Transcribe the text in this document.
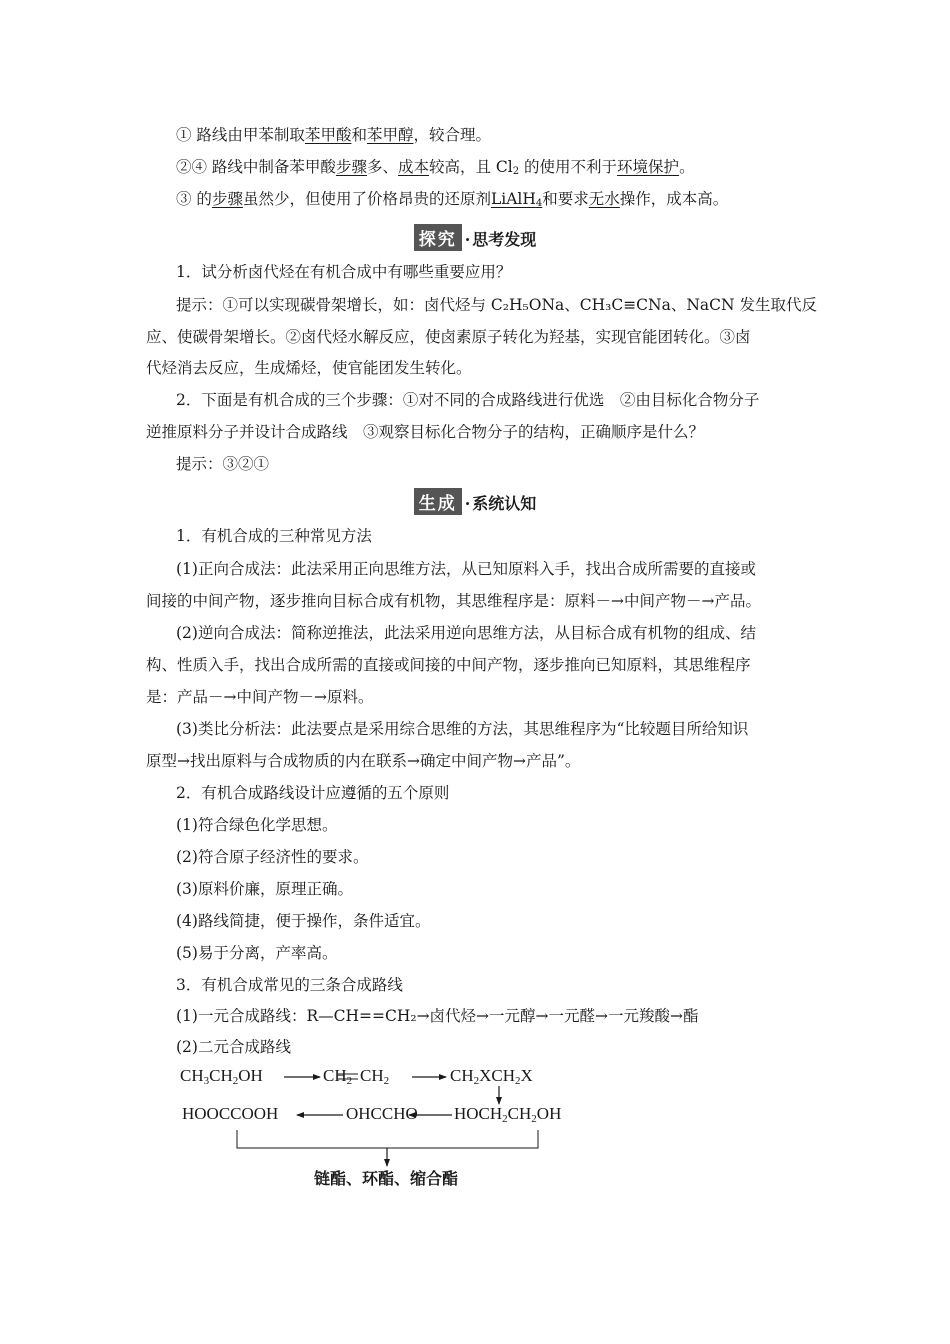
① 路线由甲苯制取苯甲酸和苯甲醇，较合理。
②④ 路线中制备苯甲酸步骤多、成本较高，且 $Cl_2$ 的使用不利于环境保护。
③ 的步骤虽然少，但使用了价格昂贵的还原剂LiAlH$_4$和要求无水操作，成本高。
探究 · 思考发现
1．试分析卤代烃在有机合成中有哪些重要应用？
提示：①可以实现碳骨架增长，如：卤代烃与 C₂H₅ONa、CH₃C≡CNa、NaCN 发生取代反
应、使碳骨架增长。②卤代烃水解反应，使卤素原子转化为羟基，实现官能团转化。③卤
代烃消去反应，生成烯烃，使官能团发生转化。
2．下面是有机合成的三个步骤：①对不同的合成路线进行优选　②由目标化合物分子
逆推原料分子并设计合成路线　③观察目标化合物分子的结构，正确顺序是什么？
提示：③②①
生成 · 系统认知
1．有机合成的三种常见方法
(1)正向合成法：此法采用正向思维方法，从已知原料入手，找出合成所需要的直接或
间接的中间产物，逐步推向目标合成有机物，其思维程序是：原料－→中间产物－→产品。
(2)逆向合成法：简称逆推法，此法采用逆向思维方法，从目标合成有机物的组成、结
构、性质入手，找出合成所需的直接或间接的中间产物，逐步推向已知原料，其思维程序
是：产品－→中间产物－→原料。
(3)类比分析法：此法要点是采用综合思维的方法，其思维程序为“比较题目所给知识
原型→找出原料与合成物质的内在联系→确定中间产物→产品”。
2．有机合成路线设计应遵循的五个原则
(1)符合绿色化学思想。
(2)符合原子经济性的要求。
(3)原料价廉，原理正确。
(4)路线简捷，便于操作，条件适宜。
(5)易于分离，产率高。
3．有机合成常见的三条合成路线
(1)一元合成路线：R—CH==CH₂→卤代烃→一元醇→一元醛→一元羧酸→酯
(2)二元合成路线
CH3CH2OH	CH2 CH2	CH2XCH2X
HOOCCOOH	OHCCHO HOCH2CH2OH
链酯、环酯、缩合酯
